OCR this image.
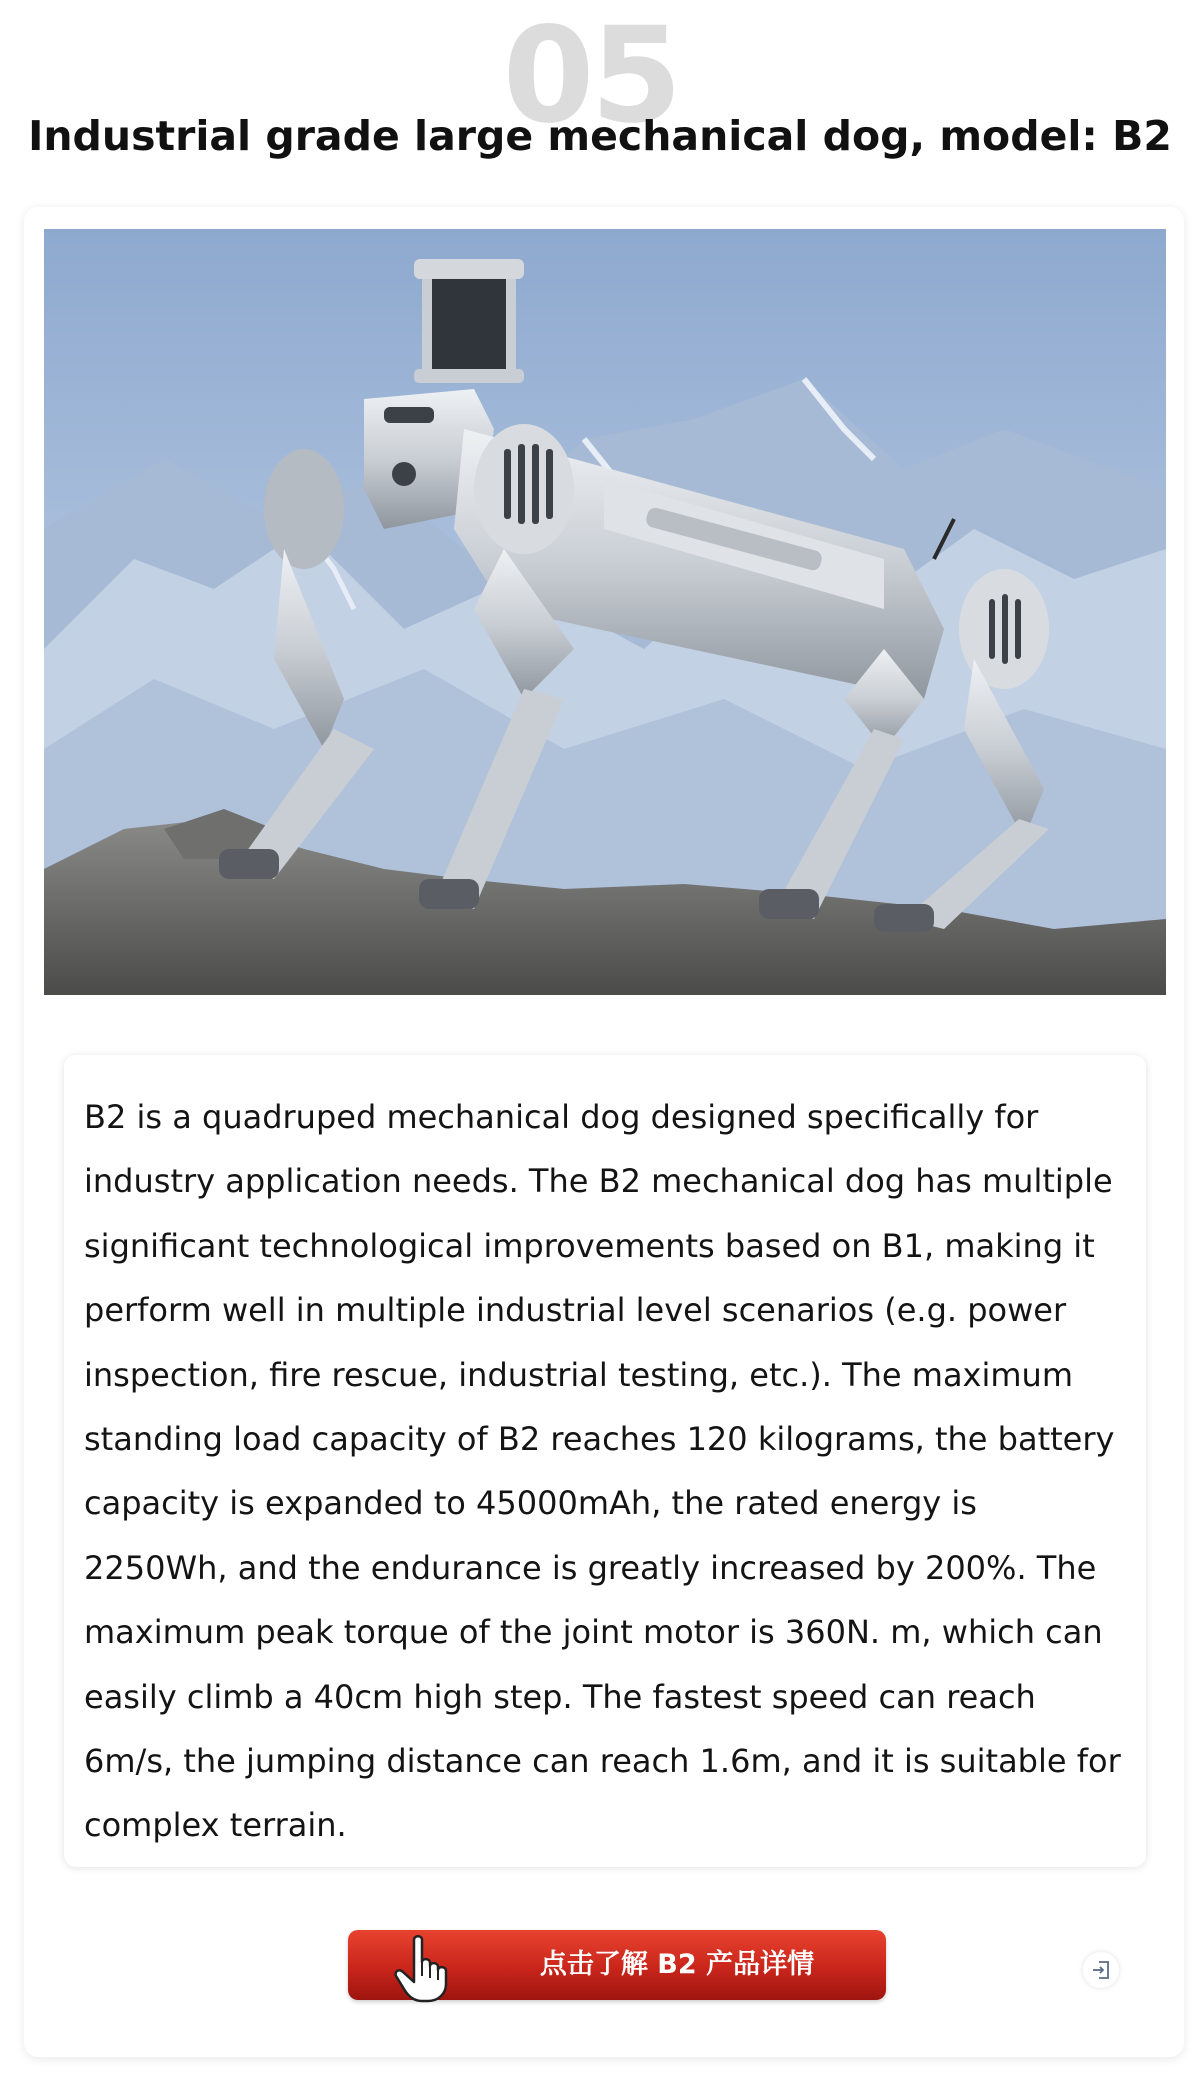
05
Industrial grade large mechanical dog, model: B2

B2 is a quadruped mechanical dog designed specifically for industry application needs. The B2 mechanical dog has multiple significant technological improvements based on B1, making it perform well in multiple industrial level scenarios (e.g. power inspection, fire rescue, industrial testing, etc.). The maximum standing load capacity of B2 reaches 120 kilograms, the battery capacity is expanded to 45000mAh, the rated energy is 2250Wh, and the endurance is greatly increased by 200%. The maximum peak torque of the joint motor is 360N. m, which can easily climb a 40cm high step. The fastest speed can reach 6m/s, the jumping distance can reach 1.6m, and it is suitable for complex terrain.

点击了解 B2 产品详情
